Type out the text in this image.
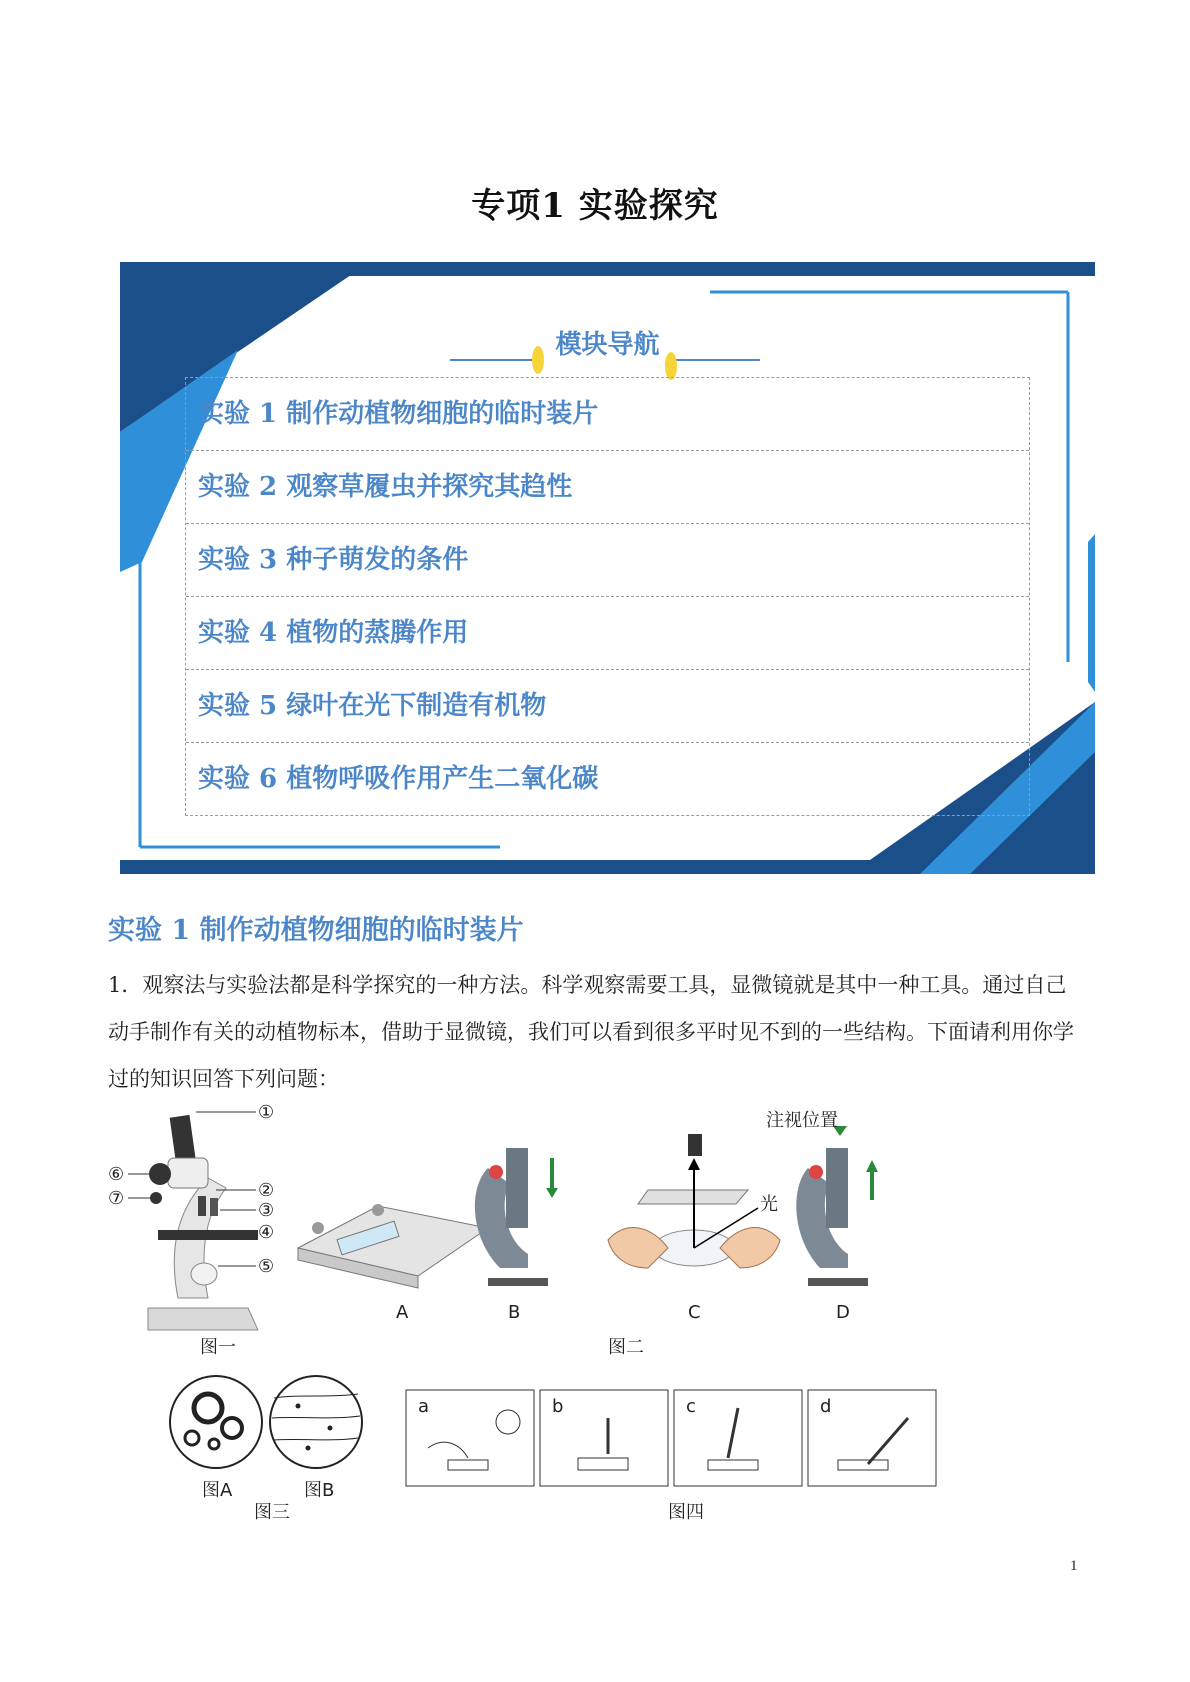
专项1 实验探究
模块导航
实验 1 制作动植物细胞的临时装片
实验 2 观察草履虫并探究其趋性
实验 3 种子萌发的条件
实验 4 植物的蒸腾作用
实验 5 绿叶在光下制造有机物
实验 6 植物呼吸作用产生二氧化碳
实验 1 制作动植物细胞的临时装片
1．观察法与实验法都是科学探究的一种方法。科学观察需要工具，显微镜就是其中一种工具。通过自己动手制作有关的动植物标本，借助于显微镜，我们可以看到很多平时见不到的一些结构。下面请利用你学过的知识回答下列问题：
①
②
③
④
⑤
⑥
⑦
图一
A	B
光
C
注视位置
D
图二
图A	图B
图三
a	b	c	d
图四
1
